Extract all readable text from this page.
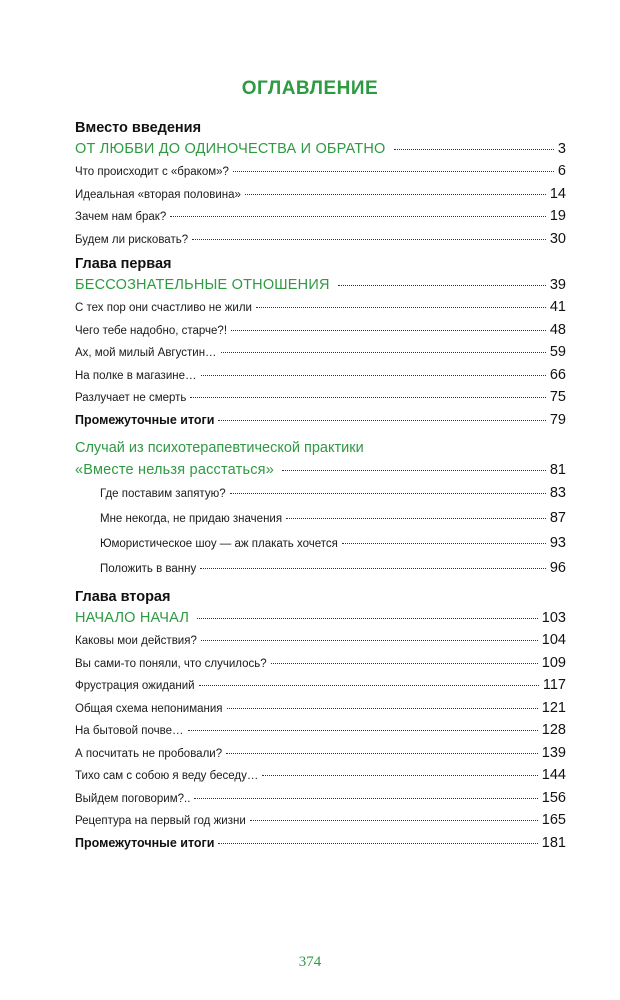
ОГЛАВЛЕНИЕ
Вместо введения
ОТ ЛЮБВИ ДО ОДИНОЧЕСТВА И ОБРАТНО	3
Что происходит с «браком»?	6
Идеальная «вторая половина»	14
Зачем нам брак?	19
Будем ли рисковать?	30
Глава первая
БЕССОЗНАТЕЛЬНЫЕ ОТНОШЕНИЯ	39
С тех пор они счастливо не жили	41
Чего тебе надобно, старче?!	48
Ах, мой милый Августин…	59
На полке в магазине…	66
Разлучает не смерть	75
Промежуточные итоги	79
Случай из психотерапевтической практики
«Вместе нельзя расстаться»	81
Где поставим запятую?	83
Мне некогда, не придаю значения	87
Юмористическое шоу — аж плакать хочется	93
Положить в ванну	96
Глава вторая
НАЧАЛО НАЧАЛ	103
Каковы мои действия?	104
Вы сами-то поняли, что случилось?	109
Фрустрация ожиданий	117
Общая схема непонимания	121
На бытовой почве…	128
А посчитать не пробовали?	139
Тихо сам с собою я веду беседу…	144
Выйдем поговорим?..	156
Рецептура на первый год жизни	165
Промежуточные итоги	181
374
